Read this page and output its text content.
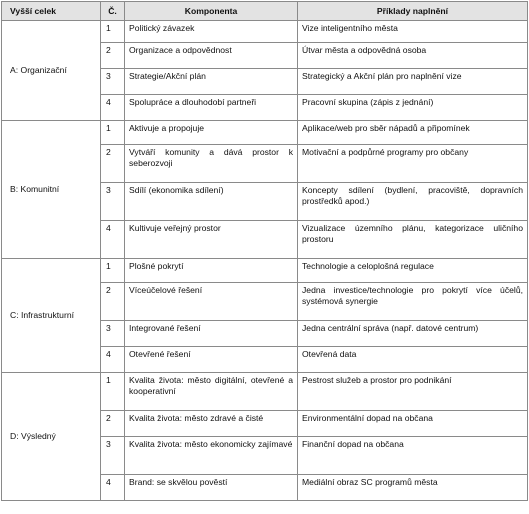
Vyšší celek	Č.	Komponenta	Příklady naplnění
A: Organizační	1	Politický závazek	Vize inteligentního města
	2	Organizace a odpovědnost	Útvar města a odpovědná osoba
	3	Strategie/Akční plán	Strategický a Akční plán pro naplnění vize
	4	Spolupráce a dlouhodobí partneři	Pracovní skupina (zápis z jednání)
B: Komunitní	1	Aktivuje a propojuje	Aplikace/web pro sběr nápadů a připomínek
	2	Vytváří komunity a dává prostor k seberozvoji	Motivační a podpůrné programy pro občany
	3	Sdílí (ekonomika sdílení)	Koncepty sdílení (bydlení, pracoviště, dopravních prostředků apod.)
	4	Kultivuje veřejný prostor	Vizualizace územního plánu, kategorizace uličního prostoru
C: Infrastrukturní	1	Plošné pokrytí	Technologie a celoplošná regulace
	2	Víceúčelové řešení	Jedna investice/technologie pro pokrytí více účelů, systémová synergie
	3	Integrované řešení	Jedna centrální správa (např. datové centrum)
	4	Otevřené řešení	Otevřená data
D: Výsledný	1	Kvalita života: město digitální, otevřené a kooperativní	Pestrost služeb a prostor pro podnikání
	2	Kvalita života: město zdravé a čisté	Environmentální dopad na občana
	3	Kvalita života: město ekonomicky zajímavé	Finanční dopad na občana
	4	Brand: se skvělou pověstí	Mediální obraz SC programů města
